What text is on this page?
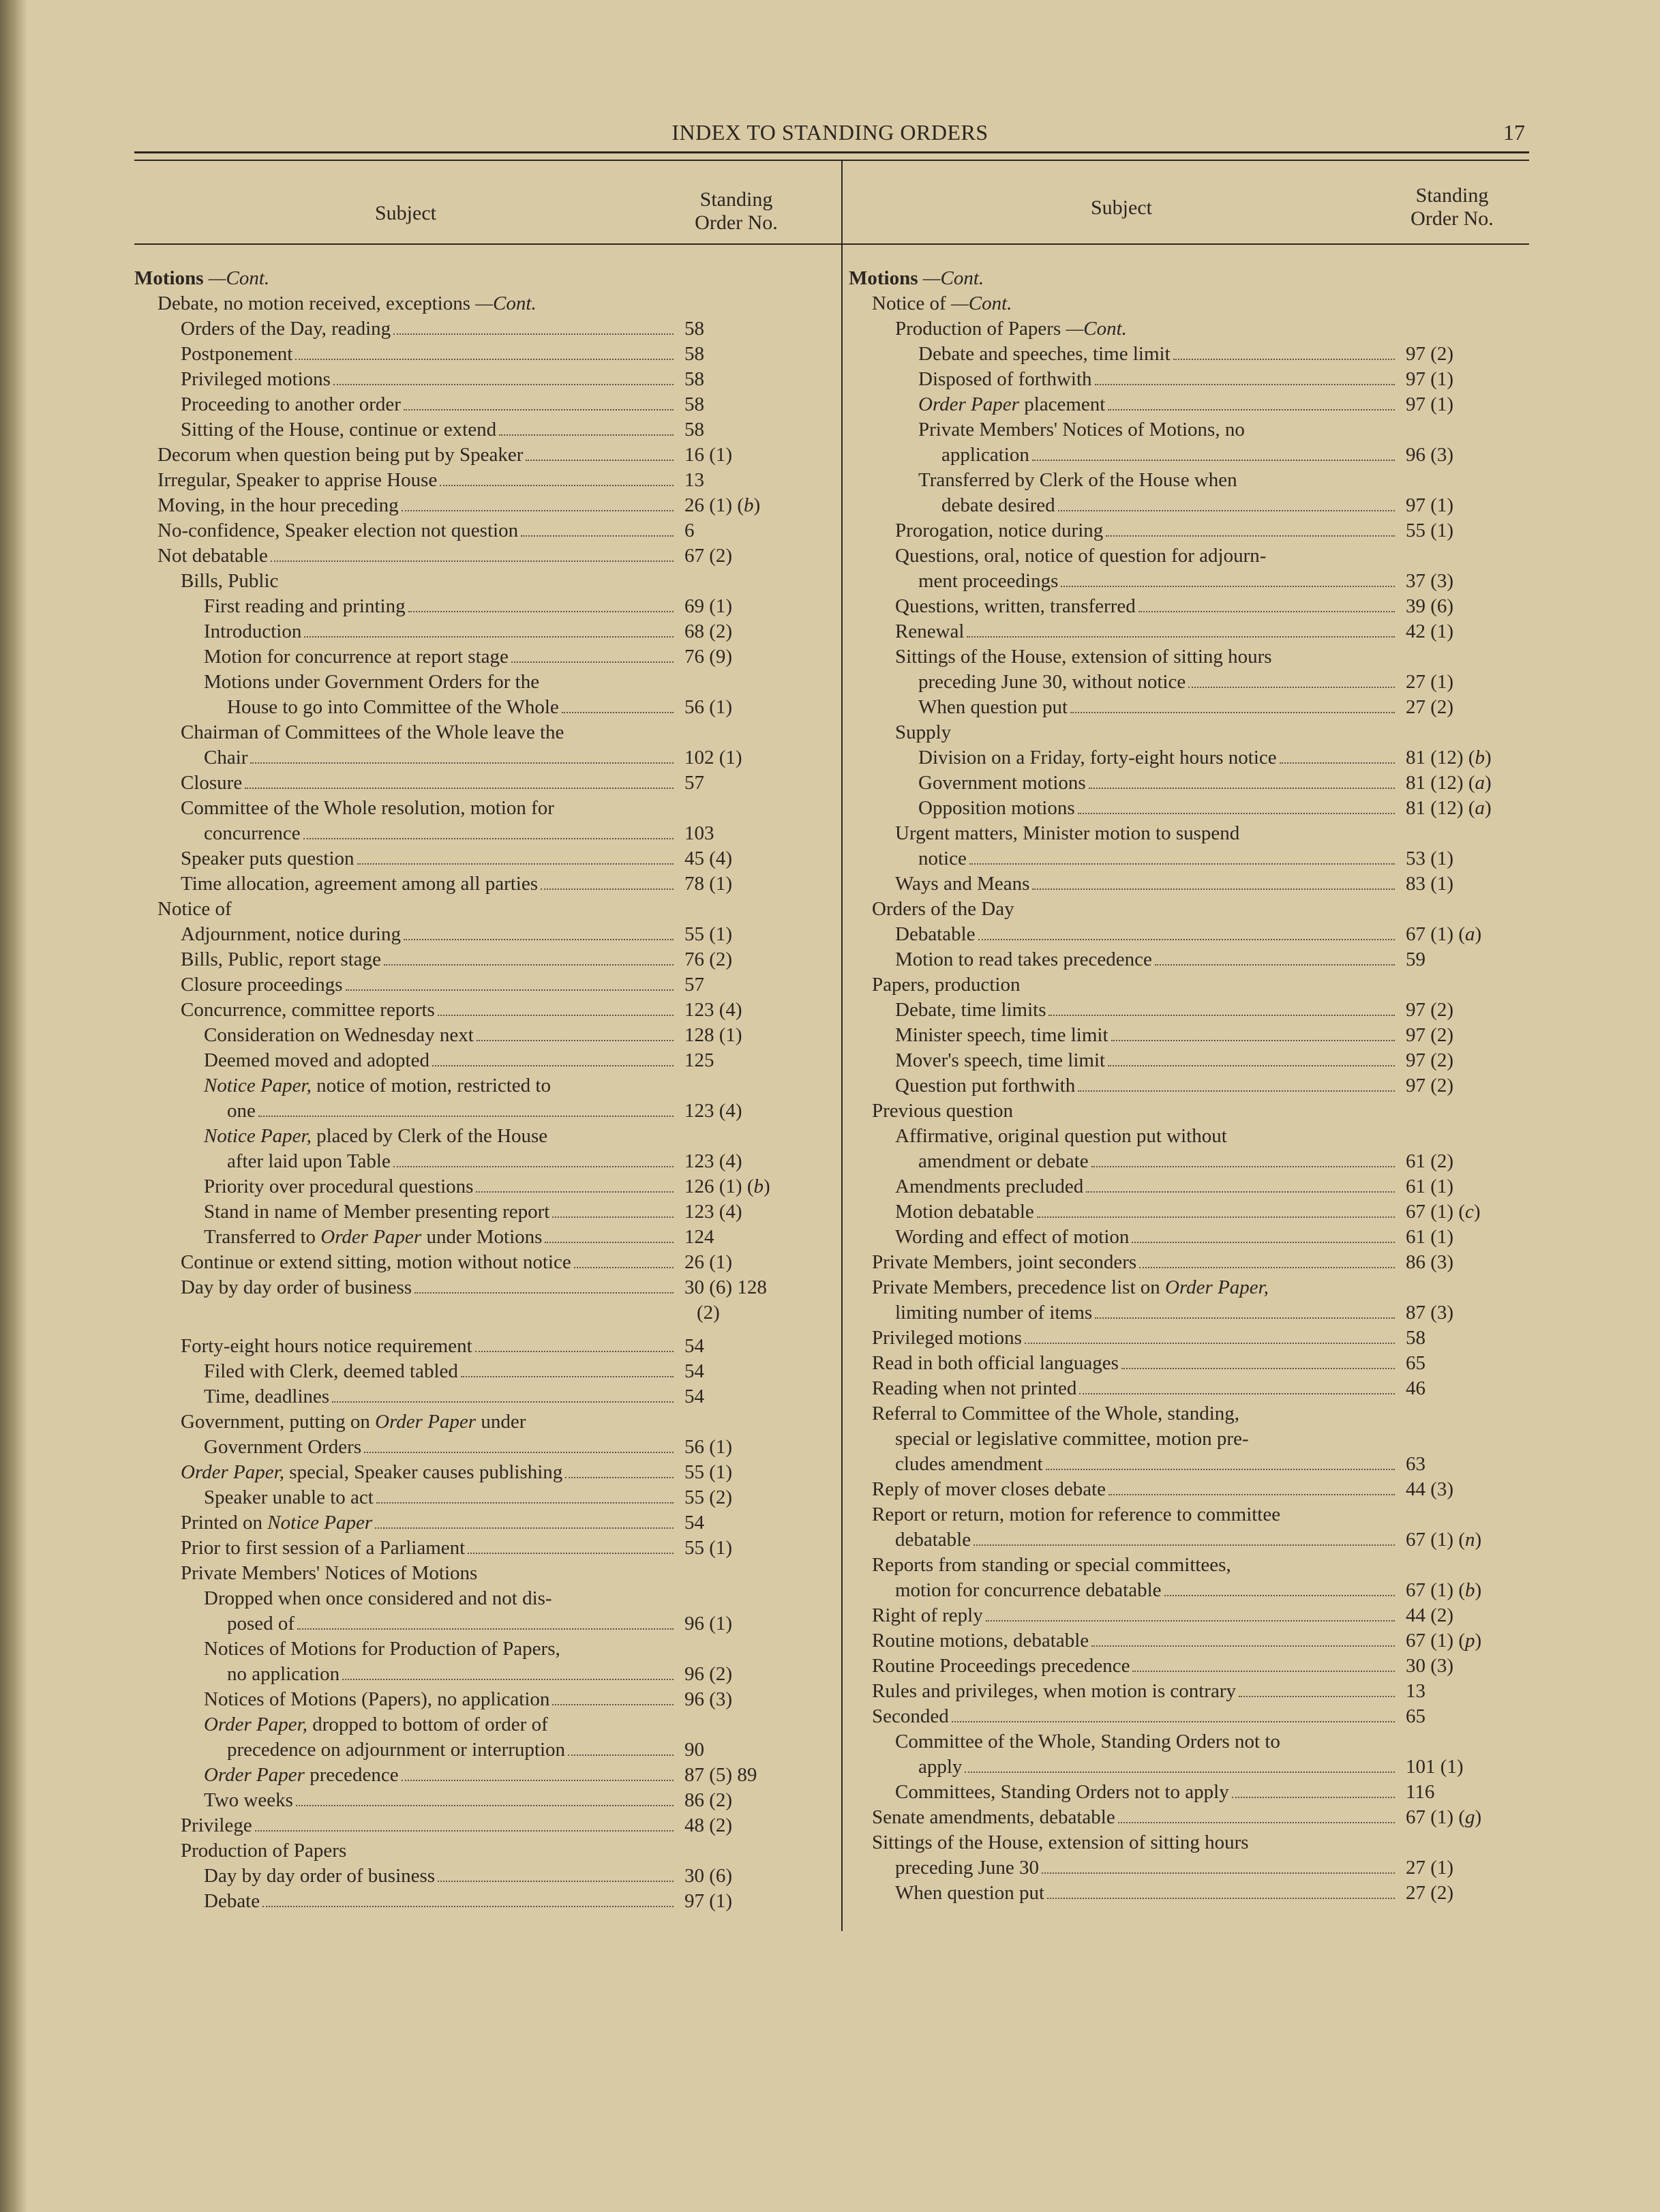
INDEX TO STANDING ORDERS	17
Subject
Standing
Order No.
Subject
Standing
Order No.
Motions —Cont.
Debate, no motion received, exceptions —Cont.
Orders of the Day, reading	58
Postponement	58
Privileged motions	58
Proceeding to another order	58
Sitting of the House, continue or extend	58
Decorum when question being put by Speaker	16 (1)
Irregular, Speaker to apprise House	13
Moving, in the hour preceding	26 (1) (b)
No-confidence, Speaker election not question	6
Not debatable	67 (2)
Bills, Public
First reading and printing	69 (1)
Introduction	68 (2)
Motion for concurrence at report stage	76 (9)
Motions under Government Orders for the
House to go into Committee of the Whole	56 (1)
Chairman of Committees of the Whole leave the
Chair	102 (1)
Closure	57
Committee of the Whole resolution, motion for
concurrence	103
Speaker puts question	45 (4)
Time allocation, agreement among all parties	78 (1)
Notice of
Adjournment, notice during	55 (1)
Bills, Public, report stage	76 (2)
Closure proceedings	57
Concurrence, committee reports	123 (4)
Consideration on Wednesday next	128 (1)
Deemed moved and adopted	125
Notice Paper, notice of motion, restricted to
one	123 (4)
Notice Paper, placed by Clerk of the House
after laid upon Table	123 (4)
Priority over procedural questions	126 (1) (b)
Stand in name of Member presenting report	123 (4)
Transferred to Order Paper under Motions	124
Continue or extend sitting, motion without notice	26 (1)
Day by day order of business	30 (6) 128
(2)
Forty-eight hours notice requirement	54
Filed with Clerk, deemed tabled	54
Time, deadlines	54
Government, putting on Order Paper under
Government Orders	56 (1)
Order Paper, special, Speaker causes publishing	55 (1)
Speaker unable to act	55 (2)
Printed on Notice Paper	54
Prior to first session of a Parliament	55 (1)
Private Members' Notices of Motions
Dropped when once considered and not dis-
posed of	96 (1)
Notices of Motions for Production of Papers,
no application	96 (2)
Notices of Motions (Papers), no application	96 (3)
Order Paper, dropped to bottom of order of
precedence on adjournment or interruption	90
Order Paper precedence	87 (5) 89
Two weeks	86 (2)
Privilege	48 (2)
Production of Papers
Day by day order of business	30 (6)
Debate	97 (1)
Motions —Cont.
Notice of —Cont.
Production of Papers —Cont.
Debate and speeches, time limit	97 (2)
Disposed of forthwith	97 (1)
Order Paper placement	97 (1)
Private Members' Notices of Motions, no
application	96 (3)
Transferred by Clerk of the House when
debate desired	97 (1)
Prorogation, notice during	55 (1)
Questions, oral, notice of question for adjourn-
ment proceedings	37 (3)
Questions, written, transferred	39 (6)
Renewal	42 (1)
Sittings of the House, extension of sitting hours
preceding June 30, without notice	27 (1)
When question put	27 (2)
Supply
Division on a Friday, forty-eight hours notice	81 (12) (b)
Government motions	81 (12) (a)
Opposition motions	81 (12) (a)
Urgent matters, Minister motion to suspend
notice	53 (1)
Ways and Means	83 (1)
Orders of the Day
Debatable	67 (1) (a)
Motion to read takes precedence	59
Papers, production
Debate, time limits	97 (2)
Minister speech, time limit	97 (2)
Mover's speech, time limit	97 (2)
Question put forthwith	97 (2)
Previous question
Affirmative, original question put without
amendment or debate	61 (2)
Amendments precluded	61 (1)
Motion debatable	67 (1) (c)
Wording and effect of motion	61 (1)
Private Members, joint seconders	86 (3)
Private Members, precedence list on Order Paper,
limiting number of items	87 (3)
Privileged motions	58
Read in both official languages	65
Reading when not printed	46
Referral to Committee of the Whole, standing,
special or legislative committee, motion pre-
cludes amendment	63
Reply of mover closes debate	44 (3)
Report or return, motion for reference to committee
debatable	67 (1) (n)
Reports from standing or special committees,
motion for concurrence debatable	67 (1) (b)
Right of reply	44 (2)
Routine motions, debatable	67 (1) (p)
Routine Proceedings precedence	30 (3)
Rules and privileges, when motion is contrary	13
Seconded	65
Committee of the Whole, Standing Orders not to
apply	101 (1)
Committees, Standing Orders not to apply	116
Senate amendments, debatable	67 (1) (g)
Sittings of the House, extension of sitting hours
preceding June 30	27 (1)
When question put	27 (2)
